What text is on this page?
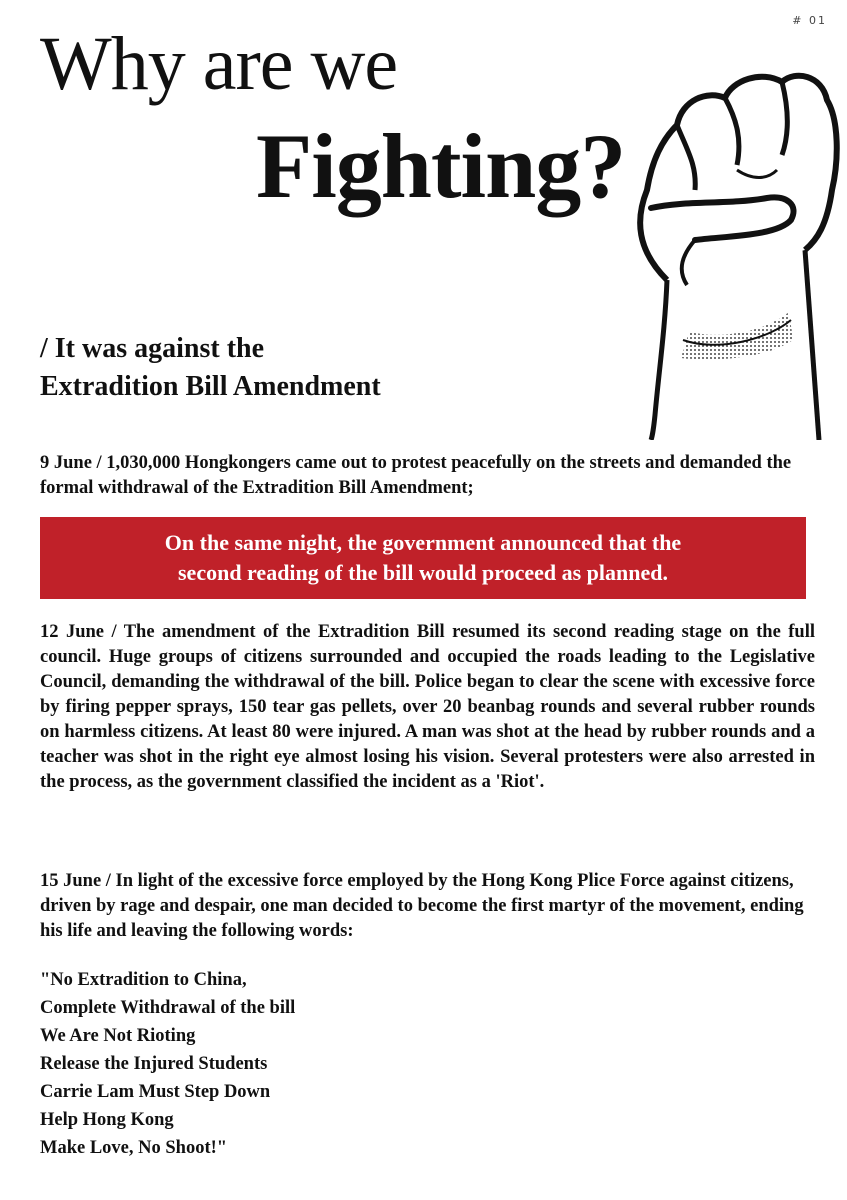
# 01
Why are we
Fighting?
/ It was against the
Extradition Bill Amendment

9 June / 1,030,000 Hongkongers came out to protest peacefully on the streets and demanded the formal withdrawal of the Extradition Bill Amendment;

On the same night, the government announced that the
second reading of the bill would proceed as planned.

12 June / The amendment of the Extradition Bill resumed its second reading stage on the full council. Huge groups of citizens surrounded and occupied the roads leading to the Legislative Council, demanding the withdrawal of the bill. Police began to clear the scene with excessive force by firing pepper sprays, 150 tear gas pellets, over 20 beanbag rounds and several rubber rounds on harmless citizens. At least 80 were injured. A man was shot at the head by rubber rounds and a teacher was shot in the right eye almost losing his vision. Several protesters were also arrested in the process, as the government classified the incident as a 'Riot'.

15 June / In light of the excessive force employed by the Hong Kong Plice Force against citizens, driven by rage and despair, one man decided to become the first martyr of the movement, ending his life and leaving the following words:

"No Extradition to China,
Complete Withdrawal of the bill
We Are Not Rioting
Release the Injured Students
Carrie Lam Must Step Down
Help Hong Kong
Make Love, No Shoot!"
